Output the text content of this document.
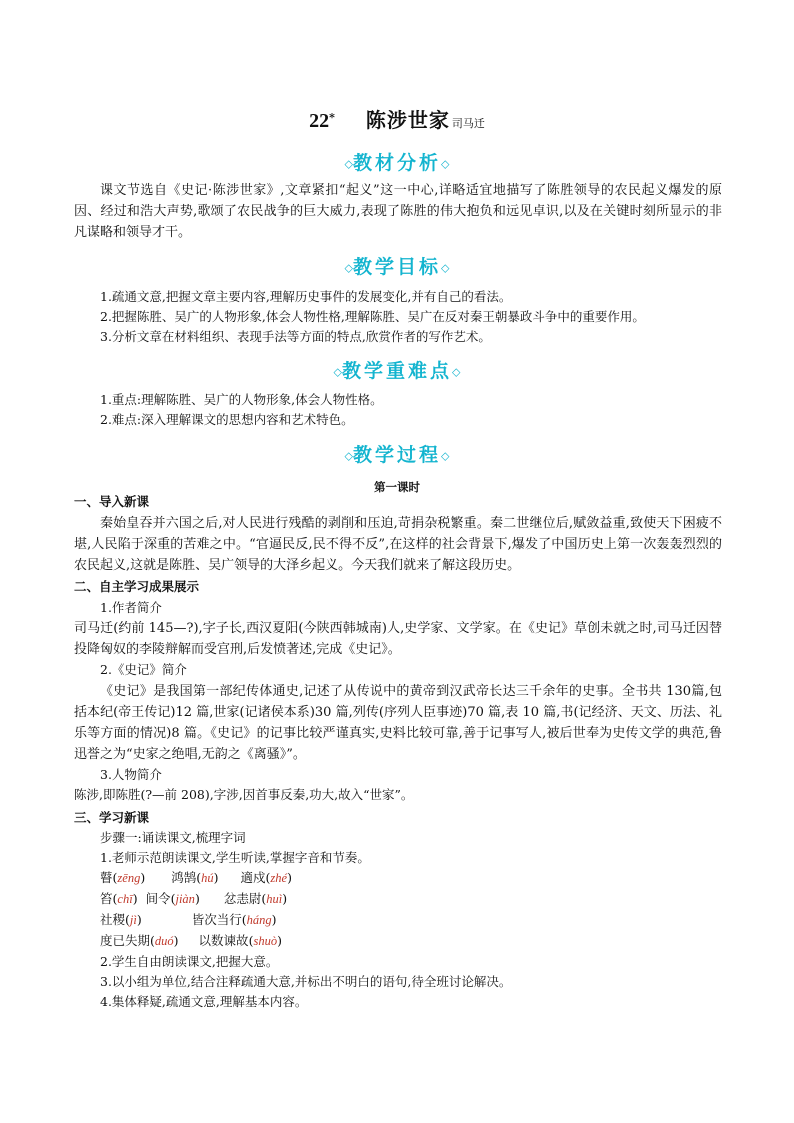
22* 陈涉世家 司马迁
◇教材分析◇

课文节选自《史记·陈涉世家》,文章紧扣“起义”这一中心,详略适宜地描写了陈胜领导的农民起义爆发的原因、经过和浩大声势,歌颂了农民战争的巨大威力,表现了陈胜的伟大抱负和远见卓识,以及在关键时刻所显示的非凡谋略和领导才干。

◇教学目标◇

1.疏通文意,把握文章主要内容,理解历史事件的发展变化,并有自己的看法。

2.把握陈胜、吴广的人物形象,体会人物性格,理解陈胜、吴广在反对秦王朝暴政斗争中的重要作用。

3.分析文章在材料组织、表现手法等方面的特点,欣赏作者的写作艺术。

◇教学重难点◇

1.重点:理解陈胜、吴广的人物形象,体会人物性格。

2.难点:深入理解课文的思想内容和艺术特色。

◇教学过程◇
第一课时

一、导入新课

秦始皇吞并六国之后,对人民进行残酷的剥削和压迫,苛捐杂税繁重。秦二世继位后,赋敛益重,致使天下困疲不堪,人民陷于深重的苦难之中。“官逼民反,民不得不反”,在这样的社会背景下,爆发了中国历史上第一次轰轰烈烈的农民起义,这就是陈胜、吴广领导的大泽乡起义。今天我们就来了解这段历史。

二、自主学习成果展示

1.作者简介

司马迁(约前 145—?),字子长,西汉夏阳(今陕西韩城南)人,史学家、文学家。在《史记》草创未就之时,司马迁因替投降匈奴的李陵辩解而受宫刑,后发愤著述,完成《史记》。

2.《史记》简介

《史记》是我国第一部纪传体通史,记述了从传说中的黄帝到汉武帝长达三千余年的史事。全书共 130篇,包括本纪(帝王传记)12 篇,世家(记诸侯本系)30 篇,列传(序列人臣事迹)70 篇,表 10 篇,书(记经济、天文、历法、礼乐等方面的情况)8 篇。《史记》的记事比较严谨真实,史料比较可靠,善于记事写人,被后世奉为史传文学的典范,鲁迅誉之为“史家之绝唱,无韵之《离骚》”。

3.人物简介

陈涉,即陈胜(?—前 208),字涉,因首事反秦,功大,故入“世家”。

三、学习新课

步骤一:诵读课文,梳理字词

1.老师示范朗读课文,学生听读,掌握字音和节奏。

瞽(zēng) 鸿鹄(hú) 適戍(zhé)

笞(chī) 间令(jiàn) 忿恚尉(huì)

社稷(jì)	皆次当行(háng)

度已失期(duó) 以数谏故(shuò)

2.学生自由朗读课文,把握大意。

3.以小组为单位,结合注释疏通大意,并标出不明白的语句,待全班讨论解决。

4.集体释疑,疏通文意,理解基本内容。
